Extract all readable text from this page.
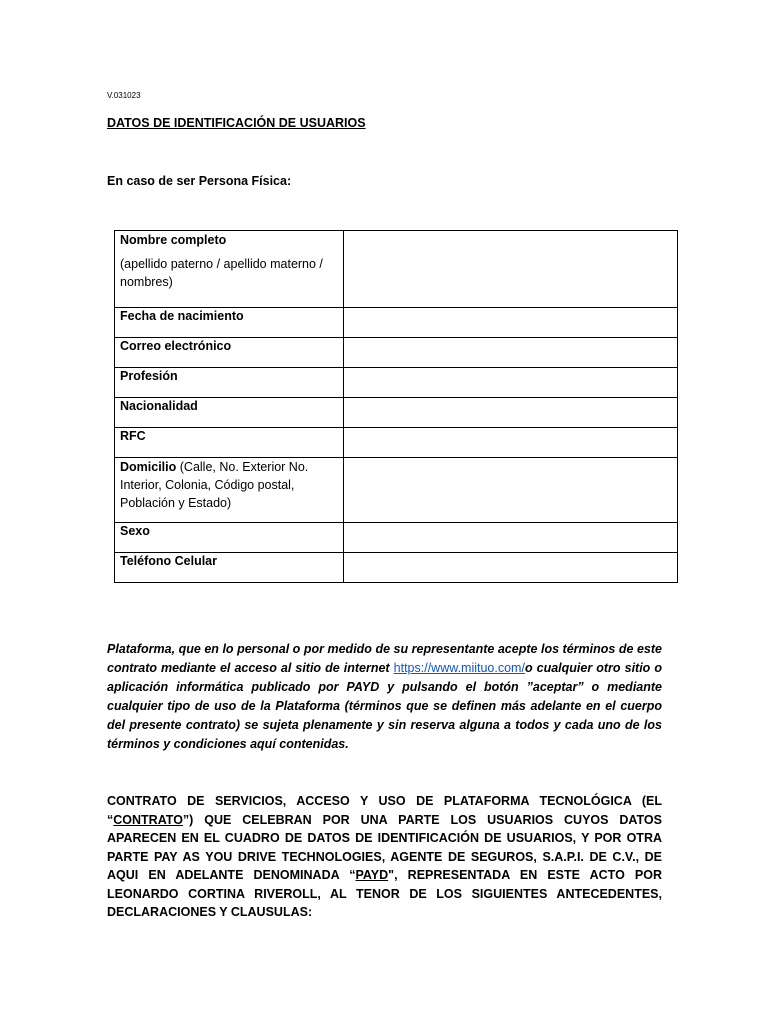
V.031023
DATOS DE IDENTIFICACIÓN DE USUARIOS
En caso de ser Persona Física:
Nombre completo
(apellido paterno / apellido materno / nombres)	

Fecha de nacimiento	
Correo electrónico	
Profesión	
Nacionalidad	
RFC	
Domicilio (Calle, No. Exterior No. Interior, Colonia, Código postal, Población y Estado)	
Sexo	
Teléfono Celular	

Plataforma, que en lo personal o por medido de su representante acepte los términos de este contrato mediante el acceso al sitio de internet https://www.miituo.com/o cualquier otro sitio o aplicación informática publicado por PAYD y pulsando el botón ”aceptar” o mediante cualquier tipo de uso de la Plataforma (términos que se definen más adelante en el cuerpo del presente contrato) se sujeta plenamente y sin reserva alguna a todos y cada uno de los términos y condiciones aquí contenidas.

CONTRATO DE SERVICIOS, ACCESO Y USO DE PLATAFORMA TECNOLÓGICA (EL “CONTRATO”) QUE CELEBRAN POR UNA PARTE LOS USUARIOS CUYOS DATOS APARECEN EN EL CUADRO DE DATOS DE IDENTIFICACIÓN DE USUARIOS, Y POR OTRA PARTE PAY AS YOU DRIVE TECHNOLOGIES, AGENTE DE SEGUROS, S.A.P.I. DE C.V., DE AQUI EN ADELANTE DENOMINADA “PAYD", REPRESENTADA EN ESTE ACTO POR LEONARDO CORTINA RIVEROLL, AL TENOR DE LOS SIGUIENTES ANTECEDENTES, DECLARACIONES Y CLAUSULAS:
